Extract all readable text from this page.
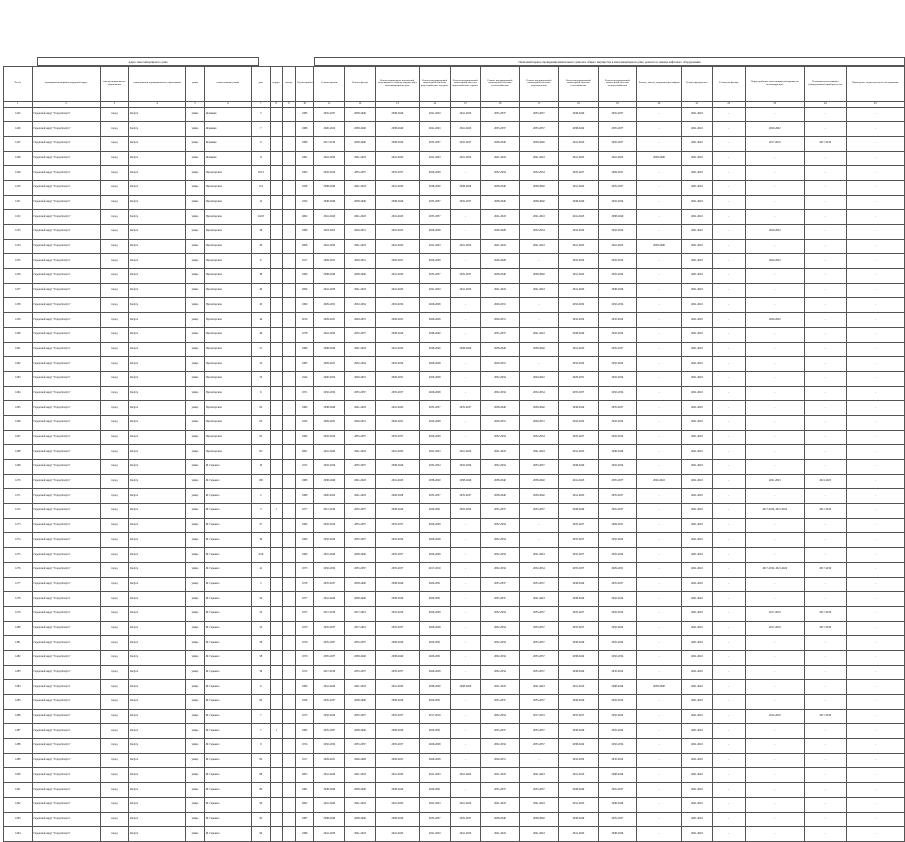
Адрес многоквартирного дома	Плановый период проведения капитального ремонта общего имущества в многоквартирном доме, ремонта и замены лифтового оборудования

№ п/п	муниципальный район/городской округ	тип муниципального образования	наименование муниципального образования	улица	наименование улицы	дом	корпус	литера	Год постройки	Ремонт кровли	Ремонт фасада	Ремонт подвальных помещений, относящихся к общему имуществу в многоквартирном доме	Ремонт внутридомовой инженерной системы водоснабжения: холодное	Ремонт внутридомовой инженерной системы водоснабжения: горячее	Ремонт внутридомовой инженерной системы теплоснабжения	Ремонт внутридомовой инженерной системы водоотведения	Ремонт внутридомовой инженерной системы газоснабжения	Ремонт внутридомовой инженерной системы электроснабжения	Ремонт, замена, модернизация лифтов	Ремонт фундамента	Утепление фасада	Переустройство невентилируемой крыши на вентилируемую	Установка коллективных (общедомовых) приборов учета	Проведение энергетического обследования
1	2	3	4	5	6	7	8	9	10	11	12	13	14	15	16	17	18	19	20	21	22	23	24	25
1245	Городской округ "Город Калуга"	город	Калуга	улица	Ясеневая	5			1985	2035-2037	2038-2040	2038-2040	2041-2043	2041-2043	2035-2037	2035-2037	2038-2040	2035-2037	-	2041-2043	-	-	-	-
1246	Городской округ "Город Калуга"	город	Калуга	улица	Ясеневая	7			1986	2020-2022	2038-2040	2038-2040	2041-2043	2041-2043	2035-2037	2035-2037	2038-2040	2035-2037	-	2041-2043	-	2020-2022	-	-
1247	Городской округ "Город Калуга"	город	Калуга	улица	Ясеневая	9			1989	2017-2019	2038-2040	2038-2040	2035-2037	2035-2037	2038-2040	2038-2040	2041-2043	2035-2037	-	2041-2043	-	2017-2019	2017-2019	-
1248	Городской округ "Город Калуга"	город	Калуга	улица	Ясеневая	11			1991	2041-2043	2041-2043	2041-2043	2041-2043	2041-2043	2041-2043	2041-2043	2041-2043	2041-2043	2038-2040	2041-2043	-	-	-	-
1249	Городской округ "Город Калуга"	город	Калуга	улица	Пролетарская	10/13			1963	2032-2034	2035-2037	2035-2037	2026-2028	-	2032-2034	2032-2034	2035-2037	2029-2031	-	2041-2043	-	-	-	-
1250	Городской округ "Город Калуга"	город	Калуга	улица	Пролетарская	11/2			1958	2038-2040	2041-2043	2041-2043	2038-2040	2038-2040	2038-2040	2038-2040	2041-2043	2035-2037	-	2041-2043	-	-	-	-
1251	Городской округ "Город Калуга"	город	Калуга	улица	Пролетарская	12			1959	2038-2040	2038-2040	2038-2040	2035-2037	2035-2037	2038-2040	2038-2040	2038-2040	2032-2034	-	2041-2043	-	-	-	-
1252	Городской округ "Город Калуга"	город	Калуга	улица	Пролетарская	24/18			2002	2041-2043	2041-2043	2041-2043	2035-2037	-	2041-2043	2041-2043	2041-2043	2038-2040	-	2041-2043	-	-	-	-
1253	Городской округ "Город Калуга"	город	Калуга	улица	Пролетарская	28			1989	2023-2025	2029-2031	2023-2025	2026-2028	-	2026-2028	2032-2034	2032-2034	2032-2034	-	2041-2043	-	2020-2022	-	-
1254	Городской округ "Город Калуга"	город	Калуга	улица	Пролетарская	29			2008	2041-2043	2041-2043	2041-2043	2041-2043	2041-2043	2041-2043	2041-2043	2041-2043	2041-2043	2038-2040	2041-2043	-	-	-	-
1255	Городской округ "Город Калуга"	город	Калуга	улица	Пролетарская	6			1917	2029-2031	2029-2031	2029-2031	2026-2028	-	2026-2028	-	2032-2034	2032-2034	-	2041-2043	-	2020-2022	-	-
1256	Городской округ "Город Калуга"	город	Калуга	улица	Пролетарская	38			1990	2038-2040	2038-2040	2041-2043	2035-2037	2035-2037	2038-2040	2038-2040	2041-2043	2032-2034	-	2041-2043	-	-	-	-
1257	Городской округ "Город Калуга"	город	Калуга	улица	Пролетарская	40			2006	2041-2043	2041-2043	2041-2043	2041-2043	2041-2043	2041-2043	2041-2043	2041-2043	2038-2040	-	2041-2043	-	-	-	-
1258	Городской округ "Город Калуга"	город	Калуга	улица	Пролетарская	43			1990	2029-2031	2032-2034	2032-2034	2026-2028	-	2029-2031	-	2032-2034	2032-2034	-	2041-2043	-	-	-	-
1259	Городской округ "Город Калуга"	город	Калуга	улица	Пролетарская	44			2010	2029-2031	2029-2031	2029-2031	2026-2028	-	2029-2031	-	2032-2034	2032-2034	-	2041-2043	-	2020-2022	-	-
1260	Городской округ "Город Калуга"	город	Калуга	улица	Пролетарская	49			1978	2041-2043	2035-2037	2038-2040	2038-2040	-	2035-2037	2041-2043	2038-2040	2032-2034	-	2041-2043	-	-	-	-
1261	Городской округ "Город Калуга"	город	Калуга	улица	Пролетарская	51			1989	2038-2040	2041-2043	2041-2043	2038-2040	2038-2040	2038-2040	2038-2040	2041-2043	2035-2037	-	2041-2043	-	-	-	-
1262	Городской округ "Город Калуга"	город	Калуга	улица	Пролетарская	52			1983	2029-2031	2032-2034	2032-2034	2026-2028	-	2029-2031	-	2032-2034	2032-2034	-	2041-2043	-	-	-	-
1263	Городской округ "Город Калуга"	город	Калуга	улица	Пролетарская	53			1944	2020-2022	2029-2031	2029-2031	2026-2028	-	2032-2034	2020-2022	2029-2031	2032-2034	-	2041-2043	-	-	-	-
1264	Городской округ "Город Калуга"	город	Калуга	улица	Пролетарская	6			1971	2032-2034	2035-2037	2035-2037	2026-2028	-	2032-2034	2032-2034	2035-2037	2032-2034	-	2041-2043	-	-	-	-
1265	Городской округ "Город Калуга"	город	Калуга	улица	Пролетарская	62			1984	2038-2040	2041-2043	2041-2043	2035-2037	2035-2037	2038-2040	2038-2040	2038-2040	2035-2037	-	2041-2043	-	-	-	-
1266	Городской округ "Город Калуга"	город	Калуга	улица	Пролетарская	63			1932	2029-2031	2029-2031	2029-2031	2026-2028	-	2029-2031	2029-2031	2032-2034	2032-2034	-	2041-2043	-	-	-	-
1267	Городской округ "Город Калуга"	город	Калуга	улица	Пролетарская	65			1962	2032-2034	2035-2037	2035-2037	2026-2028	-	2032-2034	2032-2034	2035-2037	2032-2034	-	2041-2043	-	-	-	-
1268	Городской округ "Город Калуга"	город	Калуга	улица	Пролетарская	9/2			2001	2041-2043	2041-2043	2041-2043	2041-2043	2041-2043	2041-2043	2041-2043	2041-2043	2038-2040	-	2041-2043	-	-	-	-
1269	Городской округ "Город Калуга"	город	Калуга	улица	М. Горького	10			1972	2032-2034	2035-2037	2038-2040	2032-2034	2032-2034	2032-2034	2035-2037	2038-2040	2032-2034	-	2041-2043	-	-	-	-
1270	Городской округ "Город Калуга"	город	Калуга	улица	М. Горького	100			1980	2038-2040	2041-2043	2041-2043	2038-2040	2038-2040	2038-2040	2038-2040	2041-2043	2035-2037	2020-2022	2041-2043	-	2021-2023	2021-2023	-
1271	Городской округ "Город Калуга"	город	Калуга	улица	М. Горького	2			1986	2020-2022	2041-2043	2026-2028	2035-2037	2035-2037	2038-2040	2038-2040	2041-2043	2035-2037	-	2041-2043	-	-	-	-
1272	Городской округ "Город Калуга"	город	Калуга	улица	М. Горького	3	1		1977	2017-2019	2035-2037	2038-2040	2029-2031	2032-2034	2035-2037	2035-2037	2038-2040	2035-2037	-	2041-2043	-	2017-2019, 2021-2022	2017-2019	-
1273	Городской округ "Город Калуга"	город	Калуга	улица	М. Горького	27			1962	2032-2034	2035-2037	2035-2037	2026-2028	-	2032-2034	-	2035-2037	2029-2031	-	2041-2043	-	-	-	-
1274	Городской округ "Город Калуга"	город	Калуга	улица	М. Горького	39			1960	2032-2034	2035-2037	2032-2034	2026-2028	-	2032-2034	-	2035-2037	2032-2034	-	2041-2043	-	-	-	-
1275	Городской округ "Город Калуга"	город	Калуга	улица	М. Горького	4/26			1969	2041-2043	2038-2040	2035-2037	2026-2028	-	2032-2034	2041-2043	2035-2037	2032-2034	-	2041-2043	-	-	-	-
1276	Городской округ "Город Калуга"	город	Калуга	улица	М. Горького	41			1973	2032-2034	2035-2037	2035-2037	2017-2019	-	2032-2034	2032-2034	2035-2037	2029-2031	-	2041-2043	-	2017-2019, 2021-2022	2017-2019	-
1277	Городской округ "Город Калуга"	город	Калуга	улица	М. Горького	5			1978	2035-2037	2038-2040	2038-2040	2029-2031	-	2035-2037	2035-2037	2038-2040	2035-2037	-	2041-2043	-	-	-	-
1278	Городской округ "Город Калуга"	город	Калуга	улица	М. Горького	50			1977	2041-2043	2038-2040	2038-2040	2029-2031	-	2035-2037	2041-2043	2038-2040	2032-2034	-	2041-2043	-	-	-	-
1279	Городской округ "Город Калуга"	город	Калуга	улица	М. Горького	52			1975	2017-2019	2017-2019	2032-2034	2026-2028	-	2032-2034	2035-2037	2035-2037	2032-2034	-	2041-2043	-	2017-2019	2017-2019	-
1280	Городской округ "Город Калуга"	город	Калуга	улица	М. Горького	54			1970	2035-2037	2017-2019	2035-2037	2026-2028	-	2032-2034	2035-2037	2035-2037	2032-2034	-	2041-2043	-	2017-2019	2017-2019	-
1281	Городской округ "Город Калуга"	город	Калуга	улица	М. Горького	56			1976	2035-2037	2035-2037	2038-2040	2029-2031	-	2032-2034	2035-2037	2038-2040	2032-2034	-	2041-2043	-	-	-	-
1282	Городской округ "Город Калуга"	город	Калуга	улица	М. Горького	58			1970	2035-2037	2038-2040	2038-2040	2029-2031	-	2032-2034	2035-2037	2038-2040	2032-2034	-	2041-2043	-	-	-	-
1283	Городской округ "Город Калуга"	город	Калуга	улица	М. Горького	59			1972	2017-2019	2035-2037	2035-2037	2026-2028	-	2032-2034	2035-2037	2038-2040	2032-2034	-	2041-2043	-	-	-	-
1284	Городской округ "Город Калуга"	город	Калуга	улица	М. Горького	6			1999	2041-2043	2041-2043	2041-2043	2038-2040	2038-2040	2041-2043	2041-2043	2041-2043	2038-2040	2038-2040	2041-2043	-	-	-	-
1285	Городской округ "Город Калуга"	город	Калуга	улица	М. Горького	60			1958	2035-2037	2038-2040	2038-2040	2029-2031	-	2035-2037	2035-2037	2038-2040	2032-2034	-	2041-2043	-	-	-	-
1286	Городской округ "Город Калуга"	город	Калуга	улица	М. Горького	7			1975	2032-2034	2035-2037	2035-2037	2017-2019	-	2032-2034	2017-2019	2035-2037	2032-2034	-	2041-2043	-	2014-2016	2017-2019	-
1287	Городской округ "Город Калуга"	город	Калуга	улица	М. Горького	7	1		1982	2035-2037	2038-2040	2038-2040	2029-2031	-	2035-2037	2035-2037	2038-2040	2032-2034	-	2041-2043	-	-	-	-
1288	Городской округ "Город Калуга"	город	Калуга	улица	М. Горького	9			1974	2032-2034	2035-2037	2035-2037	2026-2028	-	2032-2034	2035-2037	2038-2040	2032-2034	-	2041-2043	-	-	-	-
1289	Городской округ "Город Калуга"	город	Калуга	улица	М. Горького	82			1917	2029-2031	2026-2028	2029-2031	2026-2028	-	2029-2031	-	2032-2034	2032-2034	-	2041-2043	-	-	-	-
1290	Городской округ "Город Калуга"	город	Калуга	улица	М. Горького	88			2005	2041-2043	2041-2043	2041-2043	2041-2043	2041-2043	2041-2043	2041-2043	2041-2043	2038-2040	-	2041-2043	-	-	-	-
1291	Городской округ "Город Калуга"	город	Калуга	улица	М. Горького	89			1981	2038-2040	2038-2040	2038-2040	2029-2031	-	2035-2037	2035-2037	2038-2040	2035-2037	-	2041-2043	-	-	-	-
1292	Городской округ "Город Калуга"	город	Калуга	улица	М. Горького	90			2002	2041-2043	2041-2043	2041-2043	2041-2043	2041-2043	2041-2043	2041-2043	2041-2043	2038-2040	-	2041-2043	-	-	-	-
1293	Городской округ "Город Калуга"	город	Калуга	улица	М. Горького	92			1987	2038-2040	2038-2040	2038-2040	2035-2037	2035-2037	2038-2040	2038-2040	2038-2040	2035-2037	-	2041-2043	-	-	-	-
1294	Городской округ "Город Калуга"	город	Калуга	улица	М. Горького	94			1989	2041-2043	2041-2043	2041-2043	2041-2043	2041-2043	2041-2043	2041-2043	2041-2043	2038-2040	-	2041-2043	-	-	-	-
